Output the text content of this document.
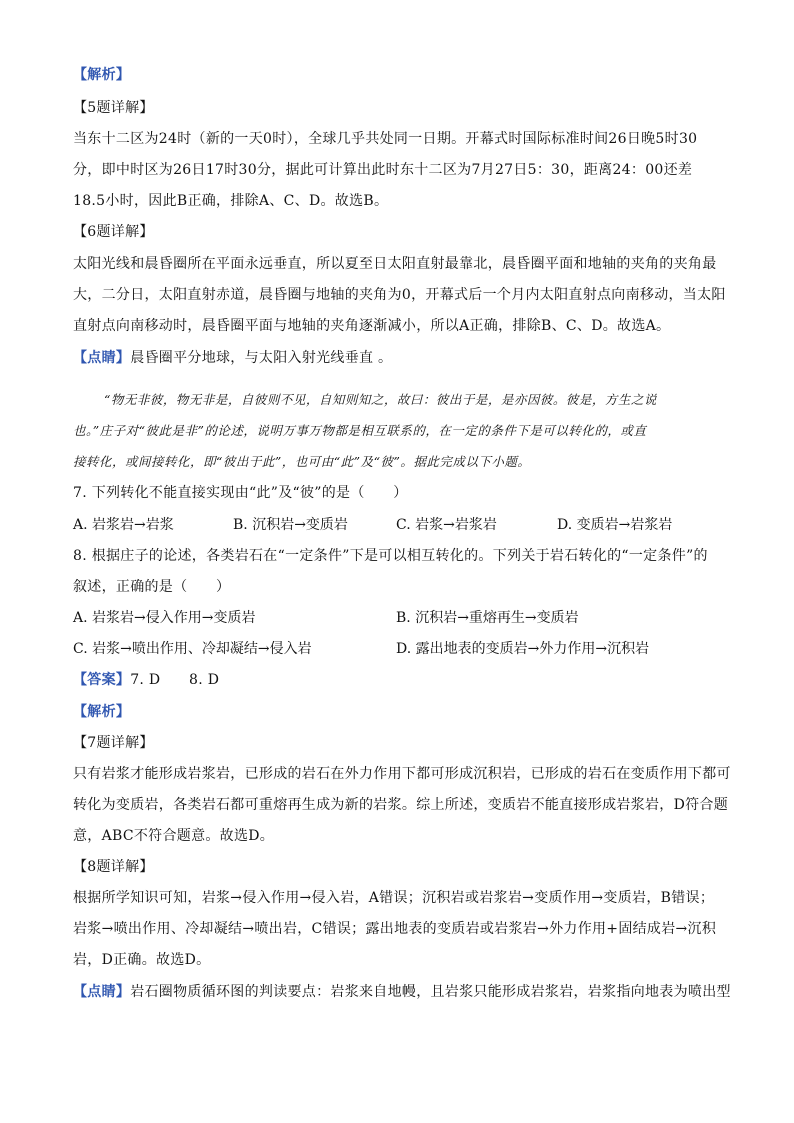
【解析】
【5题详解】
当东十二区为24时（新的一天0时），全球几乎共处同一日期。开幕式时国际标准时间26日晚5时30
分，即中时区为26日17时30分，据此可计算出此时东十二区为7月27日5：30，距离24：00还差
18.5小时，因此B正确，排除A、C、D。故选B。
【6题详解】
太阳光线和晨昏圈所在平面永远垂直，所以夏至日太阳直射最靠北，晨昏圈平面和地轴的夹角的夹角最
大，二分日，太阳直射赤道，晨昏圈与地轴的夹角为0，开幕式后一个月内太阳直射点向南移动，当太阳
直射点向南移动时，晨昏圈平面与地轴的夹角逐渐减小，所以A正确，排除B、C、D。故选A。
【点睛】晨昏圈平分地球，与太阳入射光线垂直 。
“物无非彼，物无非是，自彼则不见，自知则知之，故曰：彼出于是，是亦因彼。彼是，方生之说
也。”庄子对“彼此是非”的论述，说明万事万物都是相互联系的，在一定的条件下是可以转化的，或直
接转化，或间接转化，即“彼出于此”，也可由“此”及“彼”。据此完成以下小题。
7. 下列转化不能直接实现由“此”及“彼”的是（　　）
A. 岩浆岩→岩浆	B. 沉积岩→变质岩	C. 岩浆→岩浆岩	D. 变质岩→岩浆岩
8. 根据庄子的论述，各类岩石在“一定条件”下是可以相互转化的。下列关于岩石转化的“一定条件”的
叙述，正确的是（　　）
A. 岩浆岩→侵入作用→变质岩	B. 沉积岩→重熔再生→变质岩
C. 岩浆→喷出作用、冷却凝结→侵入岩	D. 露出地表的变质岩→外力作用→沉积岩
【答案】7. D　　8. D
【解析】
【7题详解】
只有岩浆才能形成岩浆岩，已形成的岩石在外力作用下都可形成沉积岩，已形成的岩石在变质作用下都可
转化为变质岩，各类岩石都可重熔再生成为新的岩浆。综上所述，变质岩不能直接形成岩浆岩，D符合题
意，ABC不符合题意。故选D。
【8题详解】
根据所学知识可知，岩浆→侵入作用→侵入岩，A错误；沉积岩或岩浆岩→变质作用→变质岩，B错误；
岩浆→喷出作用、冷却凝结→喷出岩，C错误；露出地表的变质岩或岩浆岩→外力作用+固结成岩→沉积
岩，D正确。故选D。
【点睛】岩石圈物质循环图的判读要点：岩浆来自地幔，且岩浆只能形成岩浆岩，岩浆指向地表为喷出型
